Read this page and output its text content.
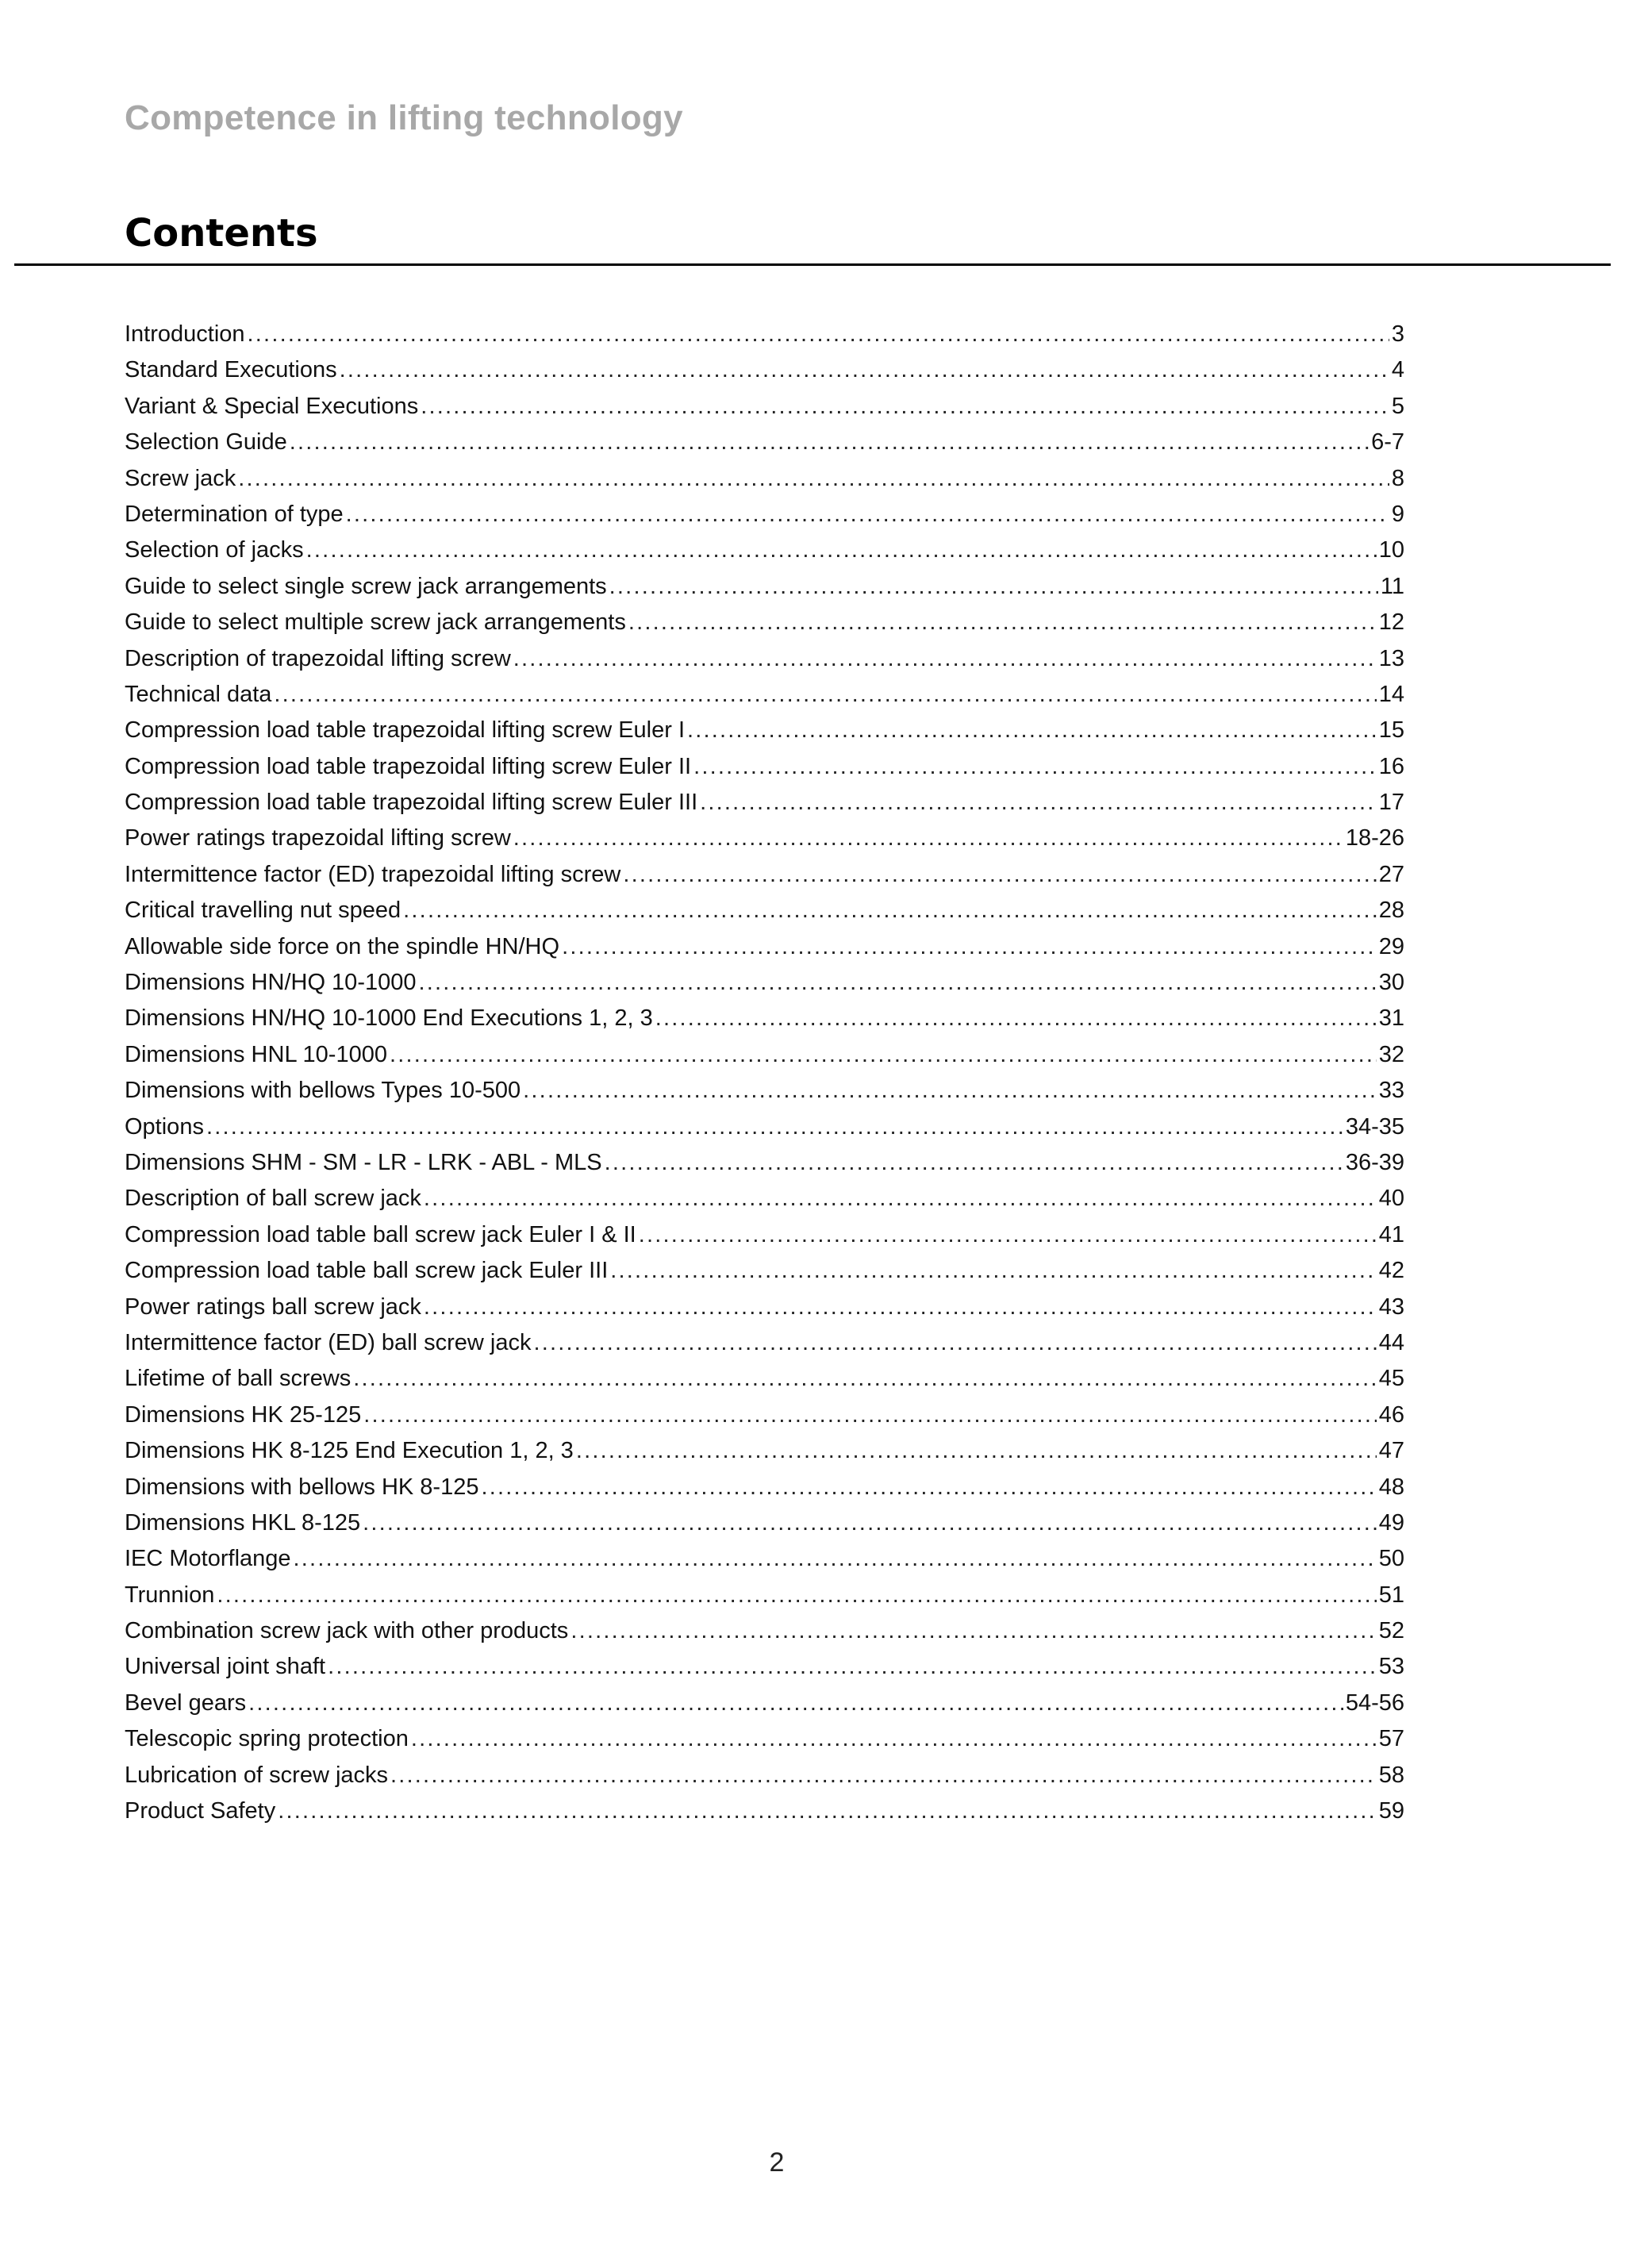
Competence in lifting technology
Contents
Introduction .....	3
Standard Executions .....	4
Variant & Special Executions .....	5
Selection Guide .....	6-7
Screw jack .....	8
Determination of type .....	9
Selection of jacks .....	10
Guide to select single screw jack arrangements .....	11
Guide to select multiple screw jack arrangements .....	12
Description of trapezoidal lifting screw .....	13
Technical data .....	14
Compression load table trapezoidal lifting screw Euler I .....	15
Compression load table trapezoidal lifting screw Euler II .....	16
Compression load table trapezoidal lifting screw Euler III .....	17
Power ratings trapezoidal lifting screw .....	18-26
Intermittence factor (ED) trapezoidal lifting screw .....	27
Critical travelling nut speed .....	28
Allowable side force on the spindle HN/HQ .....	29
Dimensions HN/HQ 10-1000 .....	30
Dimensions HN/HQ 10-1000 End Executions 1, 2, 3 .....	31
Dimensions HNL 10-1000 .....	32
Dimensions with bellows Types 10-500 .....	33
Options .....	34-35
Dimensions SHM - SM - LR - LRK - ABL - MLS .....	36-39
Description of ball screw jack .....	40
Compression load table ball screw jack Euler I & II .....	41
Compression load table ball screw jack Euler III .....	42
Power ratings ball screw jack .....	43
Intermittence factor (ED) ball screw jack .....	44
Lifetime of ball screws .....	45
Dimensions HK 25-125 .....	46
Dimensions HK 8-125 End Execution 1, 2, 3 .....	47
Dimensions with bellows HK 8-125 .....	48
Dimensions HKL 8-125 .....	49
IEC Motorflange .....	50
Trunnion .....	51
Combination screw jack with other products .....	52
Universal joint shaft .....	53
Bevel gears .....	54-56
Telescopic spring protection .....	57
Lubrication of screw jacks .....	58
Product Safety .....	59
2
